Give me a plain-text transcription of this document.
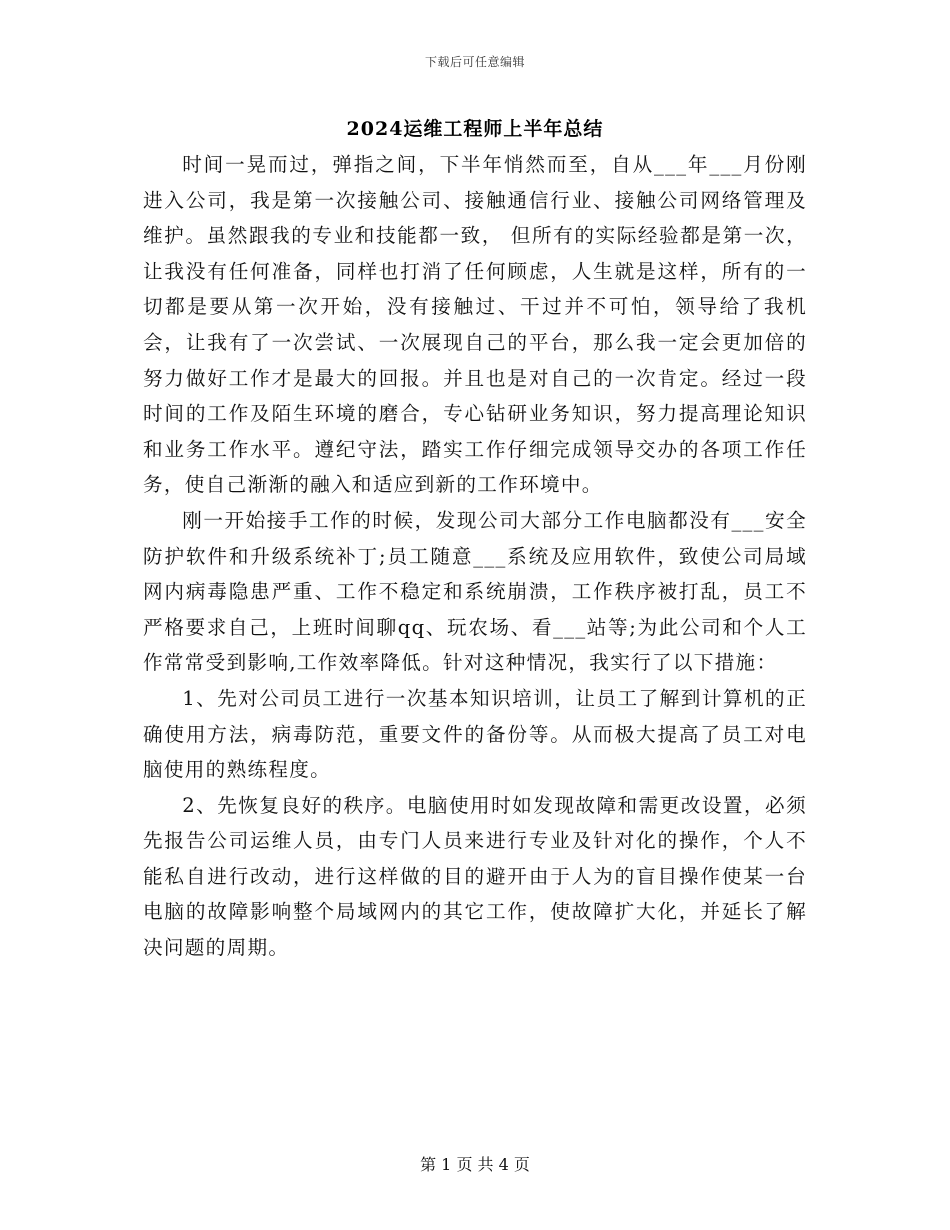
下载后可任意编辑
2024运维工程师上半年总结

时间一晃而过，弹指之间，下半年悄然而至，自从___年___月份刚进入公司，我是第一次接触公司、接触通信行业、接触公司网络管理及维护。虽然跟我的专业和技能都一致， 但所有的实际经验都是第一次，让我没有任何准备，同样也打消了任何顾虑，人生就是这样，所有的一切都是要从第一次开始，没有接触过、干过并不可怕，领导给了我机会，让我有了一次尝试、一次展现自己的平台，那么我一定会更加倍的努力做好工作才是最大的回报。并且也是对自己的一次肯定。经过一段时间的工作及陌生环境的磨合，专心钻研业务知识，努力提高理论知识和业务工作水平。遵纪守法，踏实工作仔细完成领导交办的各项工作任务，使自己渐渐的融入和适应到新的工作环境中。

刚一开始接手工作的时候，发现公司大部分工作电脑都没有___安全防护软件和升级系统补丁;员工随意___系统及应用软件，致使公司局域网内病毒隐患严重、工作不稳定和系统崩溃，工作秩序被打乱，员工不严格要求自己，上班时间聊qq、玩农场、看___站等;为此公司和个人工作常常受到影响,工作效率降低。针对这种情况，我实行了以下措施：

1、先对公司员工进行一次基本知识培训，让员工了解到计算机的正确使用方法，病毒防范，重要文件的备份等。从而极大提高了员工对电脑使用的熟练程度。

2、先恢复良好的秩序。电脑使用时如发现故障和需更改设置，必须先报告公司运维人员，由专门人员来进行专业及针对化的操作，个人不能私自进行改动，进行这样做的目的避开由于人为的盲目操作使某一台电脑的故障影响整个局域网内的其它工作，使故障扩大化，并延长了解决问题的周期。

第 1 页 共 4 页
